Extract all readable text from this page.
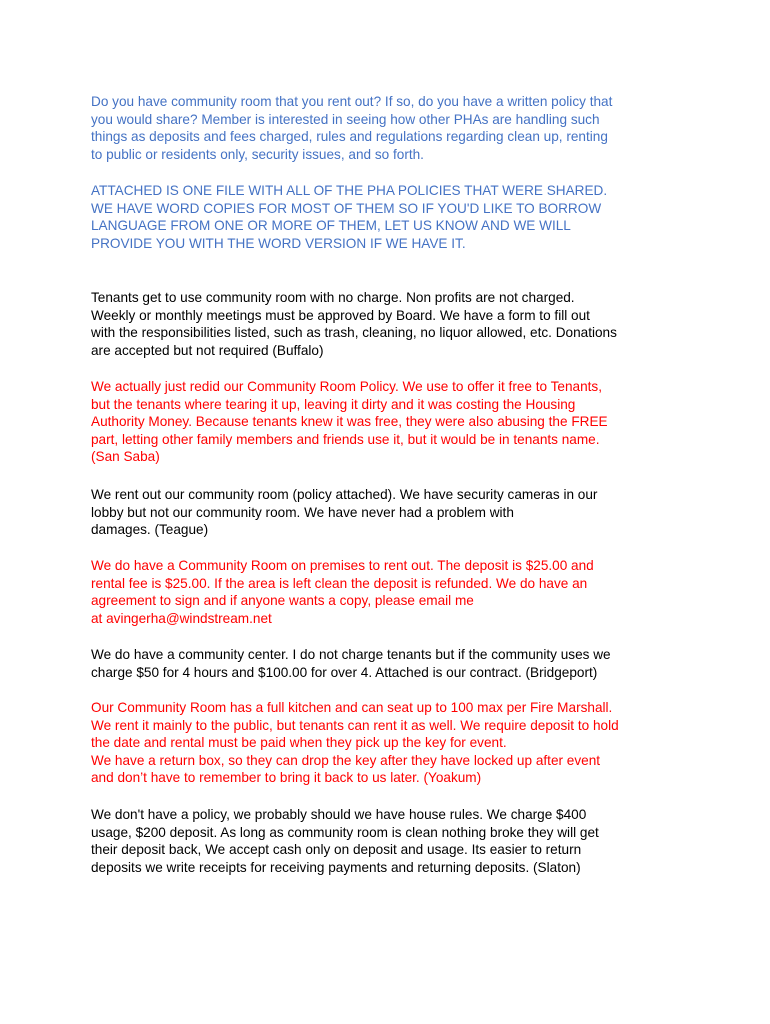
Do you have community room that you rent out? If so, do you have a written policy that
you would share? Member is interested in seeing how other PHAs are handling such
things as deposits and fees charged, rules and regulations regarding clean up, renting
to public or residents only, security issues, and so forth.
ATTACHED IS ONE FILE WITH ALL OF THE PHA POLICIES THAT WERE SHARED.
WE HAVE WORD COPIES FOR MOST OF THEM SO IF YOU'D LIKE TO BORROW
LANGUAGE FROM ONE OR MORE OF THEM, LET US KNOW AND WE WILL
PROVIDE YOU WITH THE WORD VERSION IF WE HAVE IT.
Tenants get to use community room with no charge. Non profits are not charged.
Weekly or monthly meetings must be approved by Board. We have a form to fill out
with the responsibilities listed, such as trash, cleaning, no liquor allowed, etc. Donations
are accepted but not required (Buffalo)
We actually just redid our Community Room Policy. We use to offer it free to Tenants,
but the tenants where tearing it up, leaving it dirty and it was costing the Housing
Authority Money. Because tenants knew it was free, they were also abusing the FREE
part, letting other family members and friends use it, but it would be in tenants name.
(San Saba)
We rent out our community room (policy attached). We have security cameras in our
lobby but not our community room. We have never had a problem with
damages. (Teague)
We do have a Community Room on premises to rent out. The deposit is $25.00 and
rental fee is $25.00. If the area is left clean the deposit is refunded. We do have an
agreement to sign and if anyone wants a copy, please email me
at avingerha@windstream.net
We do have a community center. I do not charge tenants but if the community uses we
charge $50 for 4 hours and $100.00 for over 4. Attached is our contract. (Bridgeport)
Our Community Room has a full kitchen and can seat up to 100 max per Fire Marshall.
We rent it mainly to the public, but tenants can rent it as well. We require deposit to hold
the date and rental must be paid when they pick up the key for event.
We have a return box, so they can drop the key after they have locked up after event
and don’t have to remember to bring it back to us later. (Yoakum)
We don't have a policy, we probably should we have house rules. We charge $400
usage, $200 deposit. As long as community room is clean nothing broke they will get
their deposit back, We accept cash only on deposit and usage. Its easier to return
deposits we write receipts for receiving payments and returning deposits. (Slaton)
